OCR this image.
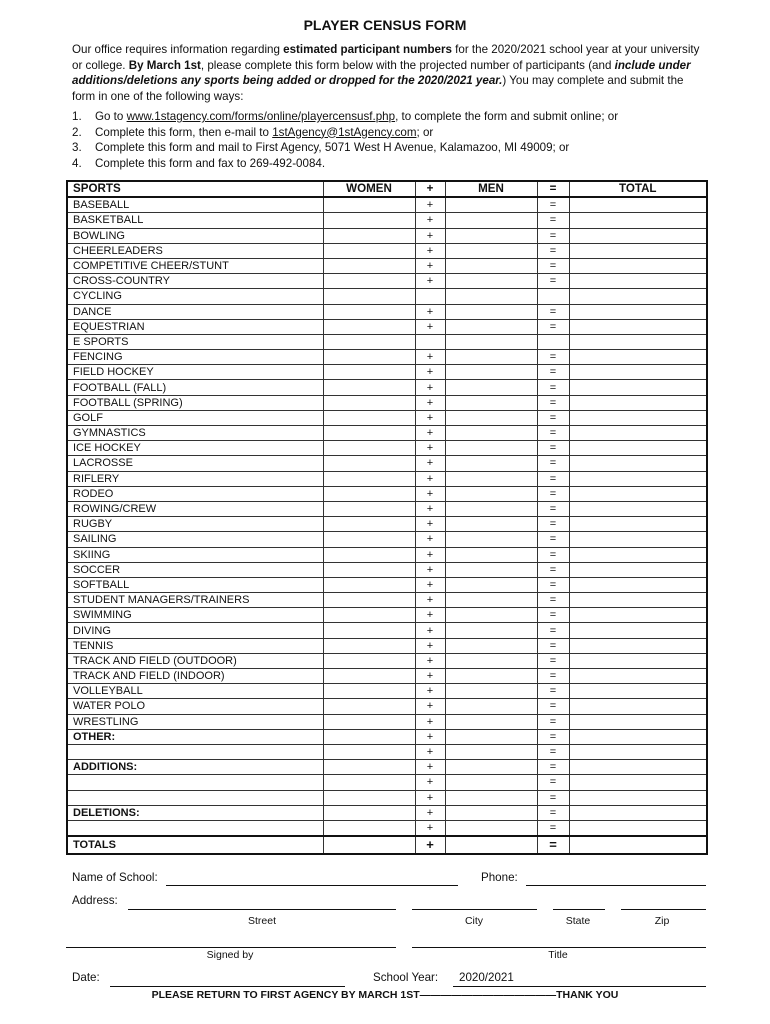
PLAYER CENSUS FORM
Our office requires information regarding estimated participant numbers for the 2020/2021 school year at your university or college. By March 1st, please complete this form below with the projected number of participants (and include under additions/deletions any sports being added or dropped for the 2020/2021 year.) You may complete and submit the form in one of the following ways:
1. Go to www.1stagency.com/forms/online/playercensusf.php, to complete the form and submit online; or
2. Complete this form, then e-mail to 1stAgency@1stAgency.com; or
3. Complete this form and mail to First Agency, 5071 West H Avenue, Kalamazoo, MI 49009; or
4. Complete this form and fax to 269-492-0084.
SPORTS	WOMEN	+	MEN	=	TOTAL
BASEBALL		+		=	
BASKETBALL		+		=	
BOWLING		+		=	
CHEERLEADERS		+		=	
COMPETITIVE CHEER/STUNT		+		=	
CROSS-COUNTRY		+		=	
CYCLING					
DANCE		+		=	
EQUESTRIAN		+		=	
E SPORTS					
FENCING		+		=	
FIELD HOCKEY		+		=	
FOOTBALL (FALL)		+		=	
FOOTBALL (SPRING)		+		=	
GOLF		+		=	
GYMNASTICS		+		=	
ICE HOCKEY		+		=	
LACROSSE		+		=	
RIFLERY		+		=	
RODEO		+		=	
ROWING/CREW		+		=	
RUGBY		+		=	
SAILING		+		=	
SKIING		+		=	
SOCCER		+		=	
SOFTBALL		+		=	
STUDENT MANAGERS/TRAINERS		+		=	
SWIMMING		+		=	
DIVING		+		=	
TENNIS		+		=	
TRACK AND FIELD (OUTDOOR)		+		=	
TRACK AND FIELD (INDOOR)		+		=	
VOLLEYBALL		+		=	
WATER POLO		+		=	
WRESTLING		+		=	
OTHER:		+		=	
		+		=	
ADDITIONS:		+		=	
		+		=	
		+		=	
DELETIONS:		+		=	
		+		=	
TOTALS		+		=	
Name of School:	Phone:
Address:
Street	City	State	Zip
Signed by	Title
Date:	School Year: 2020/2021
PLEASE RETURN TO FIRST AGENCY BY MARCH 1ST—————————————THANK YOU
